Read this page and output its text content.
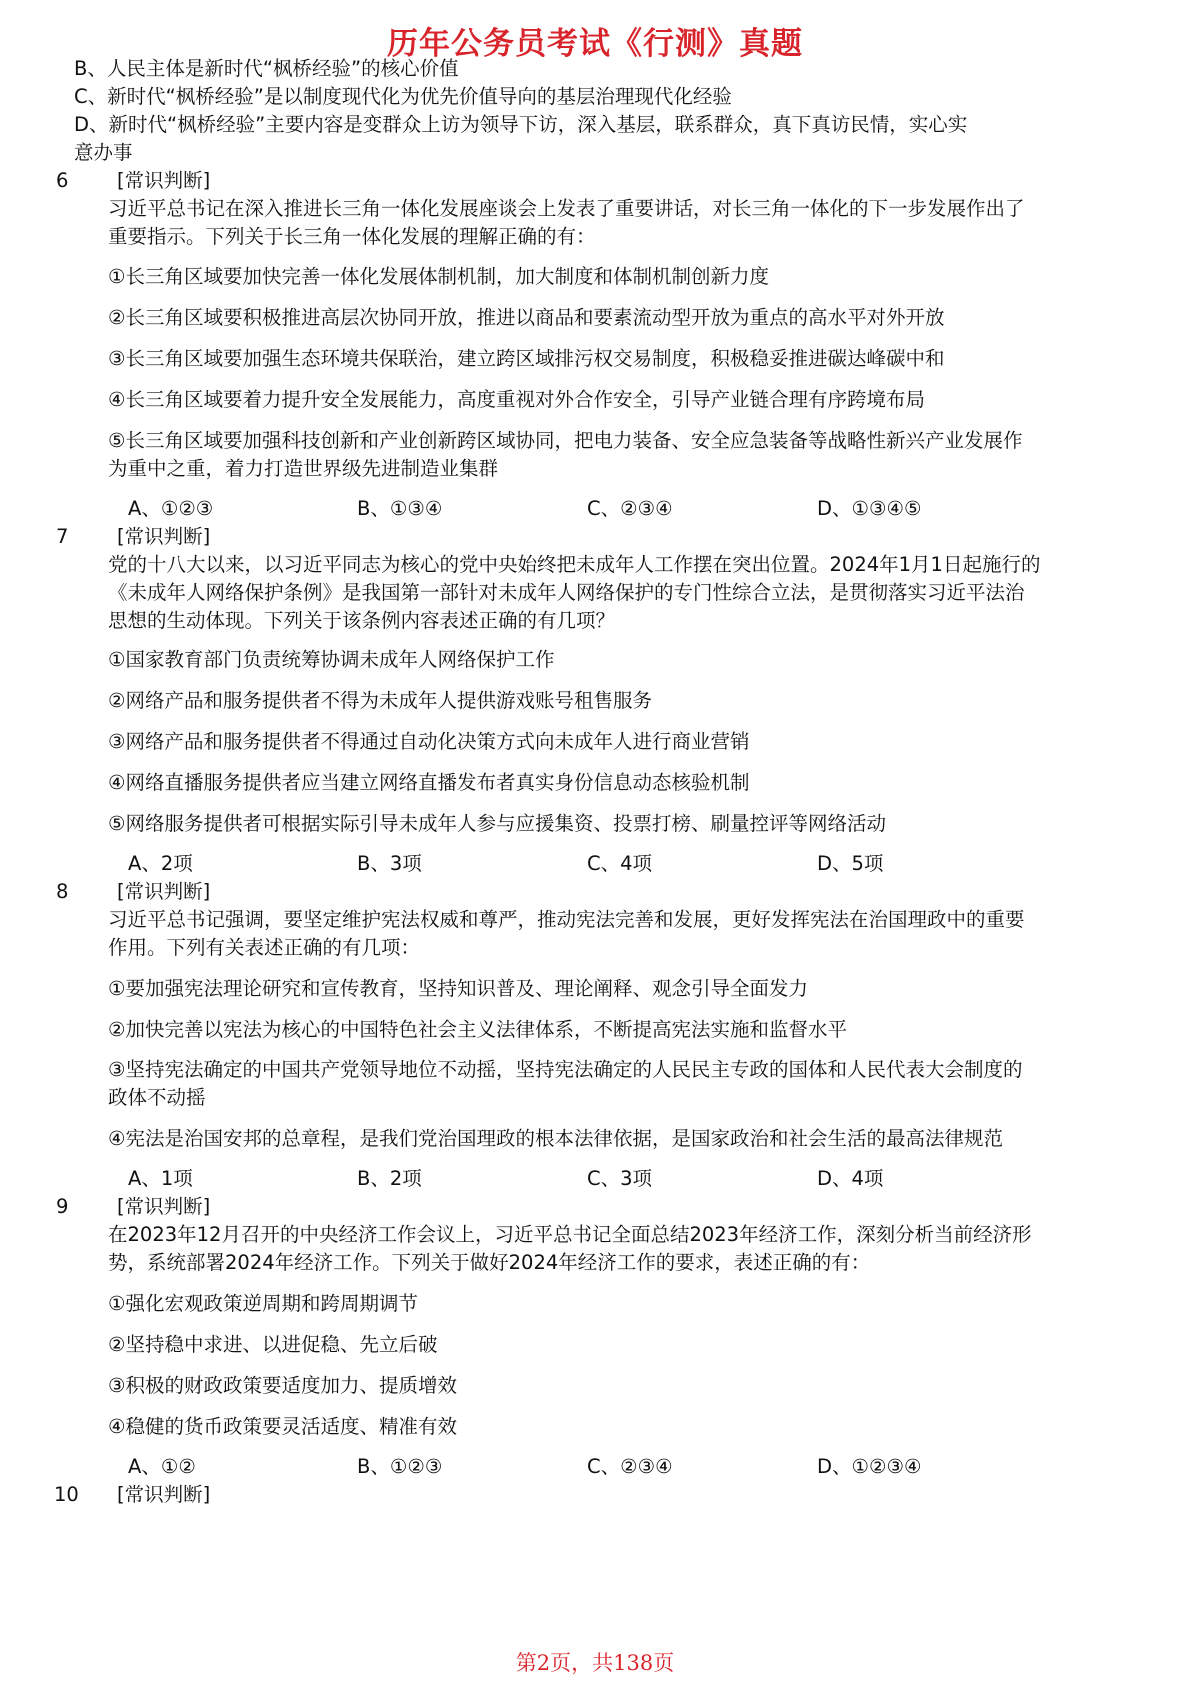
历年公务员考试《行测》真题
B、人民主体是新时代“枫桥经验”的核心价值
C、新时代“枫桥经验”是以制度现代化为优先价值导向的基层治理现代化经验
D、新时代“枫桥经验”主要内容是变群众上访为领导下访，深入基层，联系群众，真下真访民情，实心实
意办事
6 [常识判断]
习近平总书记在深入推进长三角一体化发展座谈会上发表了重要讲话，对长三角一体化的下一步发展作出了
重要指示。下列关于长三角一体化发展的理解正确的有：
①长三角区域要加快完善一体化发展体制机制，加大制度和体制机制创新力度
②长三角区域要积极推进高层次协同开放，推进以商品和要素流动型开放为重点的高水平对外开放
③长三角区域要加强生态环境共保联治，建立跨区域排污权交易制度，积极稳妥推进碳达峰碳中和
④长三角区域要着力提升安全发展能力，高度重视对外合作安全，引导产业链合理有序跨境布局
⑤长三角区域要加强科技创新和产业创新跨区域协同，把电力装备、安全应急装备等战略性新兴产业发展作
为重中之重，着力打造世界级先进制造业集群
A、①②③	B、①③④	C、②③④	D、①③④⑤
7 [常识判断]
党的十八大以来，以习近平同志为核心的党中央始终把未成年人工作摆在突出位置。2024年1月1日起施行的
《未成年人网络保护条例》是我国第一部针对未成年人网络保护的专门性综合立法，是贯彻落实习近平法治
思想的生动体现。下列关于该条例内容表述正确的有几项？
①国家教育部门负责统筹协调未成年人网络保护工作
②网络产品和服务提供者不得为未成年人提供游戏账号租售服务
③网络产品和服务提供者不得通过自动化决策方式向未成年人进行商业营销
④网络直播服务提供者应当建立网络直播发布者真实身份信息动态核验机制
⑤网络服务提供者可根据实际引导未成年人参与应援集资、投票打榜、刷量控评等网络活动
A、2项	B、3项	C、4项	D、5项
8 [常识判断]
习近平总书记强调，要坚定维护宪法权威和尊严，推动宪法完善和发展，更好发挥宪法在治国理政中的重要
作用。下列有关表述正确的有几项：
①要加强宪法理论研究和宣传教育，坚持知识普及、理论阐释、观念引导全面发力
②加快完善以宪法为核心的中国特色社会主义法律体系，不断提高宪法实施和监督水平
③坚持宪法确定的中国共产党领导地位不动摇，坚持宪法确定的人民民主专政的国体和人民代表大会制度的
政体不动摇
④宪法是治国安邦的总章程，是我们党治国理政的根本法律依据，是国家政治和社会生活的最高法律规范
A、1项	B、2项	C、3项	D、4项
9 [常识判断]
在2023年12月召开的中央经济工作会议上，习近平总书记全面总结2023年经济工作，深刻分析当前经济形
势，系统部署2024年经济工作。下列关于做好2024年经济工作的要求，表述正确的有：
①强化宏观政策逆周期和跨周期调节
②坚持稳中求进、以进促稳、先立后破
③积极的财政政策要适度加力、提质增效
④稳健的货币政策要灵活适度、精准有效
A、①②	B、①②③	C、②③④	D、①②③④
10 [常识判断]
第2页，共138页
